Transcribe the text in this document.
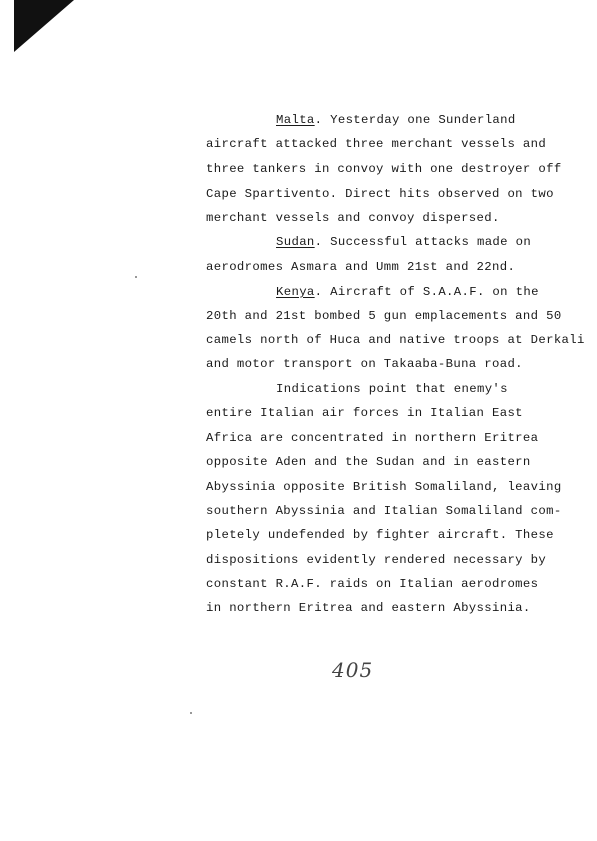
Malta. Yesterday one Sunderland
aircraft attacked three merchant vessels and
three tankers in convoy with one destroyer off
Cape Spartivento. Direct hits observed on two
merchant vessels and convoy dispersed.
Sudan. Successful attacks made on
aerodromes Asmara and Umm 21st and 22nd.
Kenya. Aircraft of S.A.A.F. on the
20th and 21st bombed 5 gun emplacements and 50
camels north of Huca and native troops at Derkali
and motor transport on Takaaba-Buna road.
Indications point that enemy's
entire Italian air forces in Italian East
Africa are concentrated in northern Eritrea
opposite Aden and the Sudan and in eastern
Abyssinia opposite British Somaliland, leaving
southern Abyssinia and Italian Somaliland com-
pletely undefended by fighter aircraft. These
dispositions evidently rendered necessary by
constant R.A.F. raids on Italian aerodromes
in northern Eritrea and eastern Abyssinia.
405
